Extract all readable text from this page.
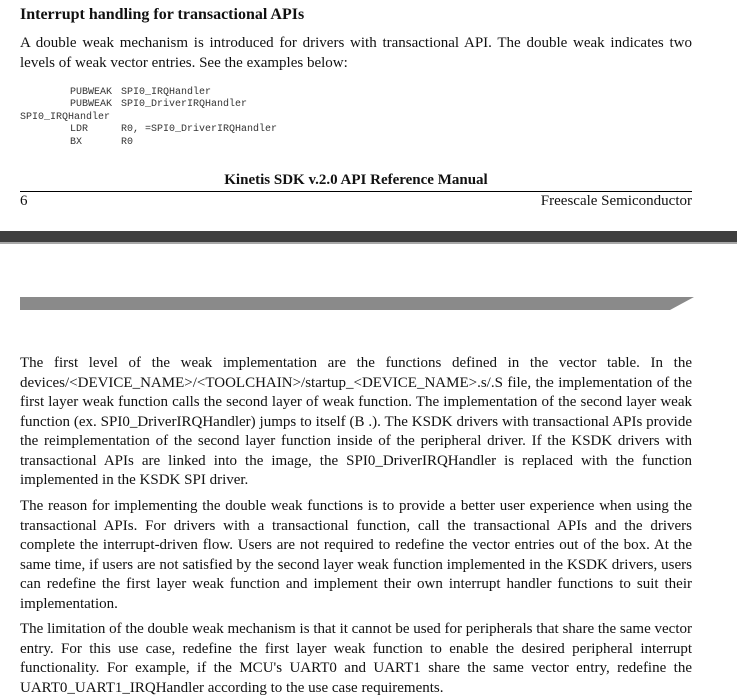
Interrupt handling for transactional APIs
A double weak mechanism is introduced for drivers with transactional API. The double weak indicates two levels of weak vector entries. See the examples below:
PUBWEAK SPI0_IRQHandler
PUBWEAK SPI0_DriverIRQHandler
SPI0_IRQHandler
LDR	R0, =SPI0_DriverIRQHandler
BX	R0
Kinetis SDK v.2.0 API Reference Manual
6	Freescale Semiconductor
The first level of the weak implementation are the functions defined in the vector table. In the devices/<DEVICE_NAME>/<TOOLCHAIN>/startup_<DEVICE_NAME>.s/.S file, the implementation of the first layer weak function calls the second layer of weak function. The implementation of the second layer weak function (ex. SPI0_DriverIRQHandler) jumps to itself (B .). The KSDK drivers with transactional APIs provide the reimplementation of the second layer function inside of the peripheral driver. If the KSDK drivers with transactional APIs are linked into the image, the SPI0_DriverIRQHandler is replaced with the function implemented in the KSDK SPI driver.
The reason for implementing the double weak functions is to provide a better user experience when using the transactional APIs. For drivers with a transactional function, call the transactional APIs and the drivers complete the interrupt-driven flow. Users are not required to redefine the vector entries out of the box. At the same time, if users are not satisfied by the second layer weak function implemented in the KSDK drivers, users can redefine the first layer weak function and implement their own interrupt handler functions to suit their implementation.
The limitation of the double weak mechanism is that it cannot be used for peripherals that share the same vector entry. For this use case, redefine the first layer weak function to enable the desired peripheral interrupt functionality. For example, if the MCU's UART0 and UART1 share the same vector entry, redefine the UART0_UART1_IRQHandler according to the use case requirements.
